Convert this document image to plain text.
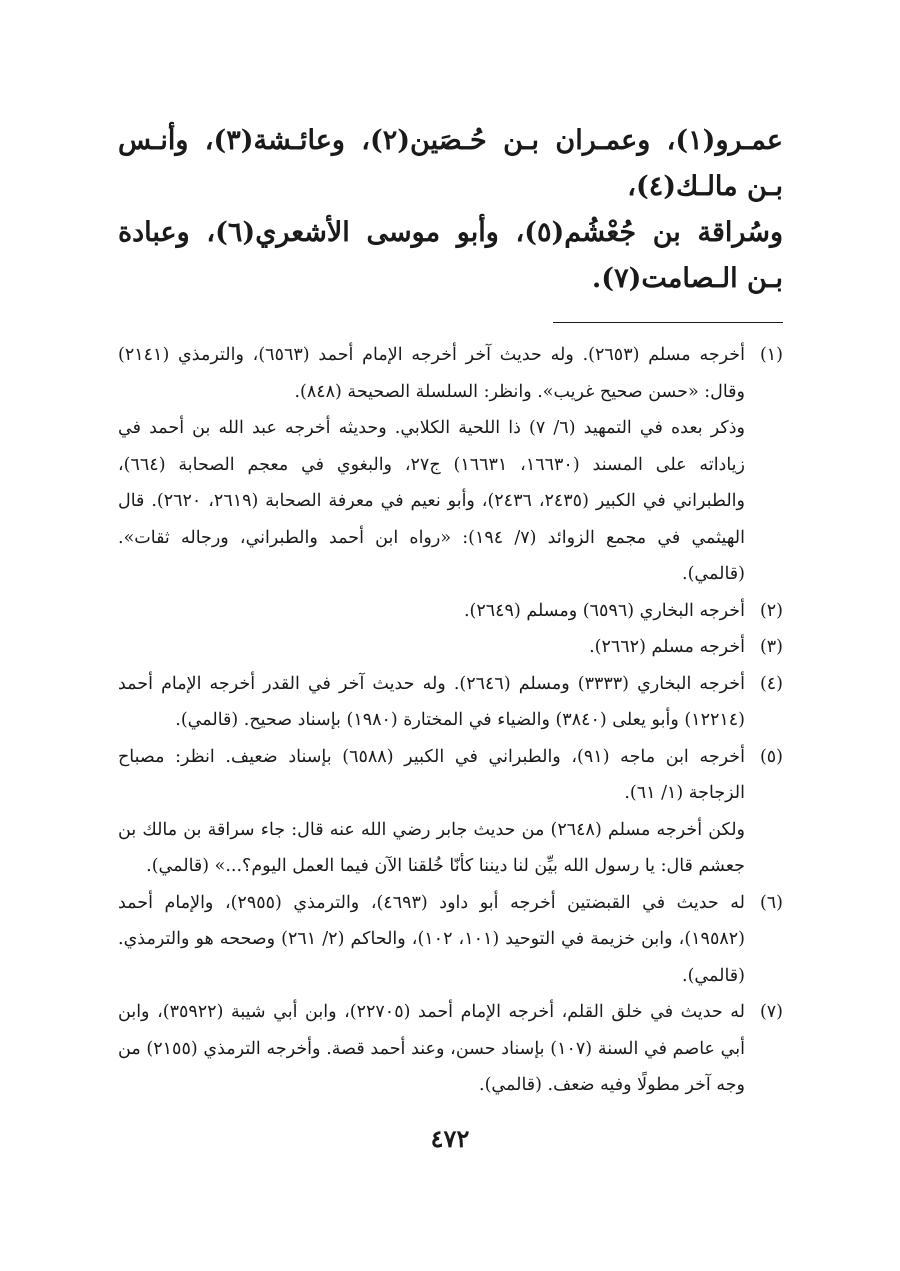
عمـرو(١)، وعمـران بـن حُـصَين(٢)، وعائـشة(٣)، وأنـس بـن مالـك(٤)،

وسُراقة بن جُعْشُم(٥)، وأبو موسى الأشعري(٦)، وعبادة بـن الـصامت(٧).

(١)

أخرجه مسلم (٢٦٥٣). وله حديث آخر أخرجه الإمام أحمد (٦٥٦٣)، والترمذي (٢١٤١) وقال: «حسن صحيح غريب». وانظر: السلسلة الصحيحة (٨٤٨).

وذكر بعده في التمهيد (٦/ ٧) ذا اللحية الكلابي. وحديثه أخرجه عبد الله بن أحمد في زياداته على المسند (١٦٦٣٠، ١٦٦٣١) ج٢٧، والبغوي في معجم الصحابة (٦٦٤)، والطبراني في الكبير (٢٤٣٥، ٢٤٣٦)، وأبو نعيم في معرفة الصحابة (٢٦١٩، ٢٦٢٠). قال الهيثمي في مجمع الزوائد (٧/ ١٩٤): «رواه ابن أحمد والطبراني، ورجاله ثقات». (قالمي).

(٢)

أخرجه البخاري (٦٥٩٦) ومسلم (٢٦٤٩).

(٣)

أخرجه مسلم (٢٦٦٢).

(٤)

أخرجه البخاري (٣٣٣٣) ومسلم (٢٦٤٦). وله حديث آخر في القدر أخرجه الإمام أحمد (١٢٢١٤) وأبو يعلى (٣٨٤٠) والضياء في المختارة (١٩٨٠) بإسناد صحيح. (قالمي).

(٥)

أخرجه ابن ماجه (٩١)، والطبراني في الكبير (٦٥٨٨) بإسناد ضعيف. انظر: مصباح الزجاجة (١/ ٦١).

ولكن أخرجه مسلم (٢٦٤٨) من حديث جابر رضي الله عنه قال: جاء سراقة بن مالك بن جعشم قال: يا رسول الله بيِّن لنا ديننا كأنّا خُلقنا الآن فيما العمل اليوم؟...» (قالمي).

(٦)

له حديث في القبضتين أخرجه أبو داود (٤٦٩٣)، والترمذي (٢٩٥٥)، والإمام أحمد (١٩٥٨٢)، وابن خزيمة في التوحيد (١٠١، ١٠٢)، والحاكم (٢/ ٢٦١) وصححه هو والترمذي. (قالمي).

(٧)

له حديث في خلق القلم، أخرجه الإمام أحمد (٢٢٧٠٥)، وابن أبي شيبة (٣٥٩٢٢)، وابن أبي عاصم في السنة (١٠٧) بإسناد حسن، وعند أحمد قصة. وأخرجه الترمذي (٢١٥٥) من وجه آخر مطولًا وفيه ضعف. (قالمي).

٤٧٢
